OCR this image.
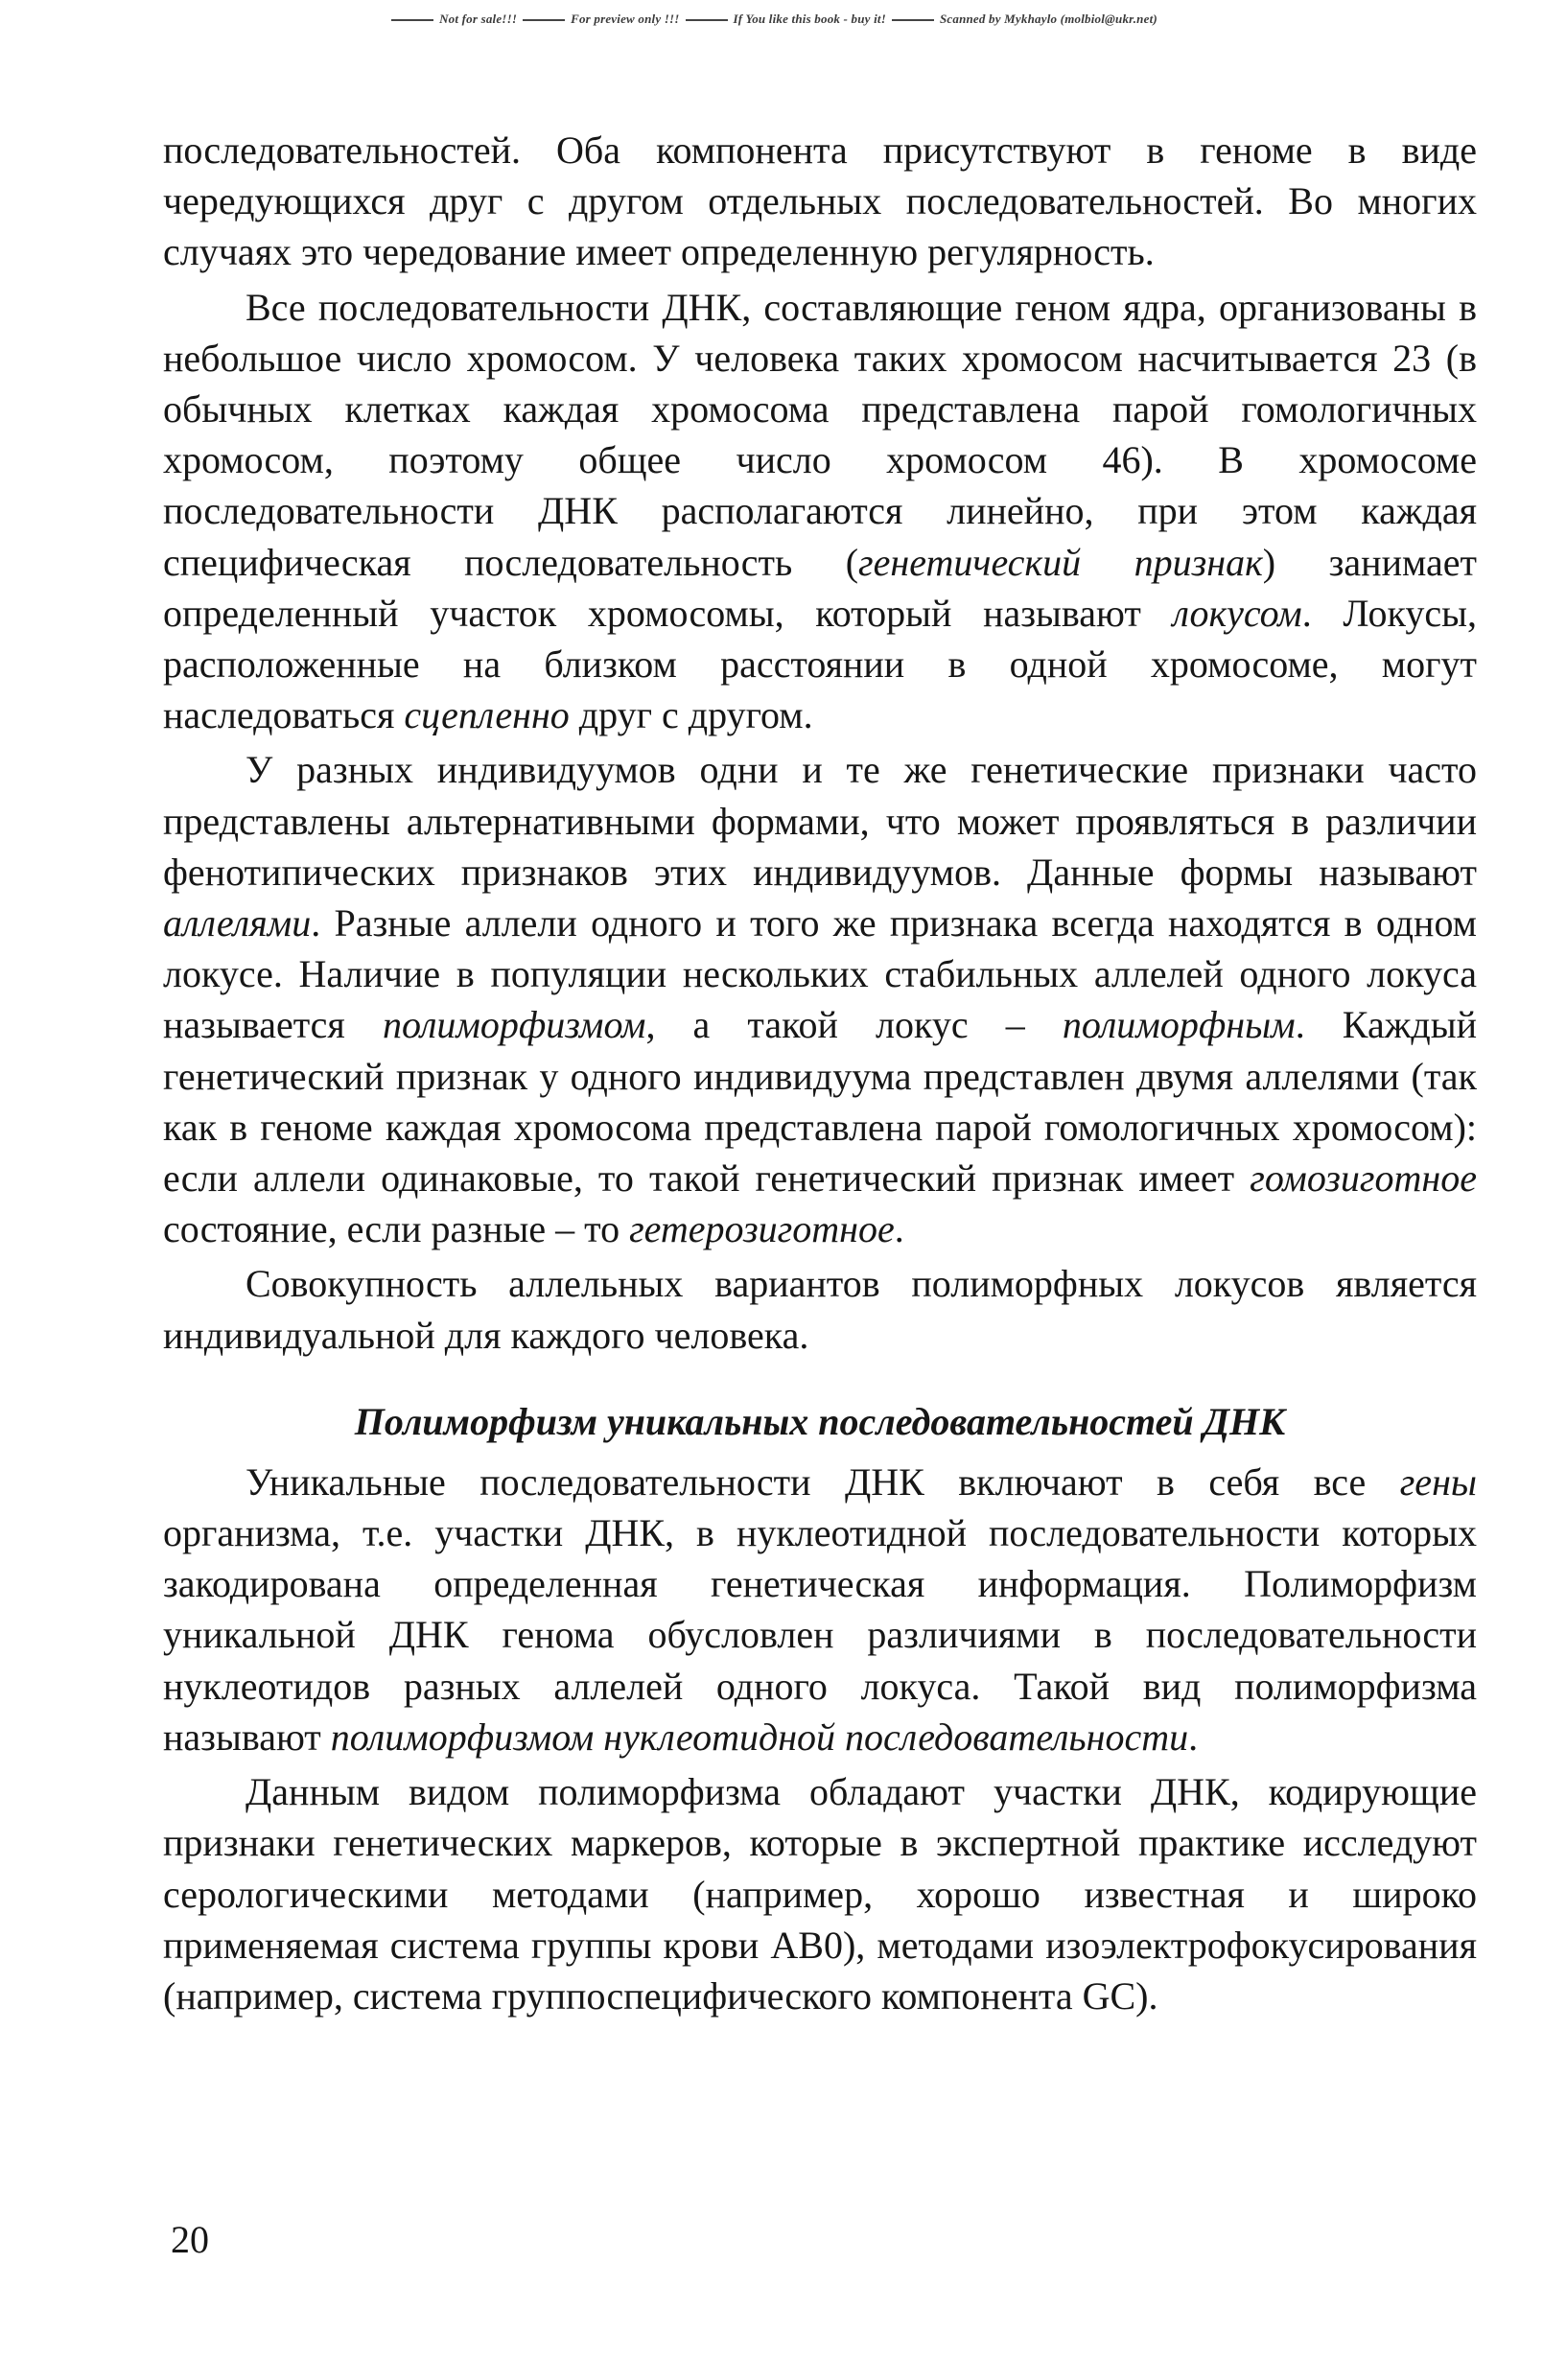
Not for sale!!!	For preview only !!!	If You like this book - buy it!	Scanned by Mykhaylo (molbiol@ukr.net)

последовательностей. Оба компонента присутствуют в геноме в виде чередующихся друг с другом отдельных последовательностей. Во многих случаях это чередование имеет определенную регулярность.

Все последовательности ДНК, составляющие геном ядра, организованы в небольшое число хромосом. У человека таких хромосом насчитывается 23 (в обычных клетках каждая хромосома представлена парой гомологичных хромосом, поэтому общее число хромосом 46). В хромосоме последовательности ДНК располагаются линейно, при этом каждая специфическая последовательность (генетический признак) занимает определенный участок хромосомы, который называют локусом. Локусы, расположенные на близком расстоянии в одной хромосоме, могут наследоваться сцепленно друг с другом.

У разных индивидуумов одни и те же генетические признаки часто представлены альтернативными формами, что может проявляться в различии фенотипических признаков этих индивидуумов. Данные формы называют аллелями. Разные аллели одного и того же признака всегда находятся в одном локусе. Наличие в популяции нескольких стабильных аллелей одного локуса называется полиморфизмом, а такой локус – полиморфным. Каждый генетический признак у одного индивидуума представлен двумя аллелями (так как в геноме каждая хромосома представлена парой гомологичных хромосом): если аллели одинаковые, то такой генетический признак имеет гомозиготное состояние, если разные – то гетерозиготное.

Совокупность аллельных вариантов полиморфных локусов является индивидуальной для каждого человека.

Полиморфизм уникальных последовательностей ДНК

Уникальные последовательности ДНК включают в себя все гены организма, т.е. участки ДНК, в нуклеотидной последовательности которых закодирована определенная генетическая информация. Полиморфизм уникальной ДНК генома обусловлен различиями в последовательности нуклеотидов разных аллелей одного локуса. Такой вид полиморфизма называют полиморфизмом нуклеотидной последовательности.

Данным видом полиморфизма обладают участки ДНК, кодирующие признаки генетических маркеров, которые в экспертной практике исследуют серологическими методами (например, хорошо известная и широко применяемая система группы крови AB0), методами изоэлектрофокусирования (например, система группоспецифического компонента GC).

20
